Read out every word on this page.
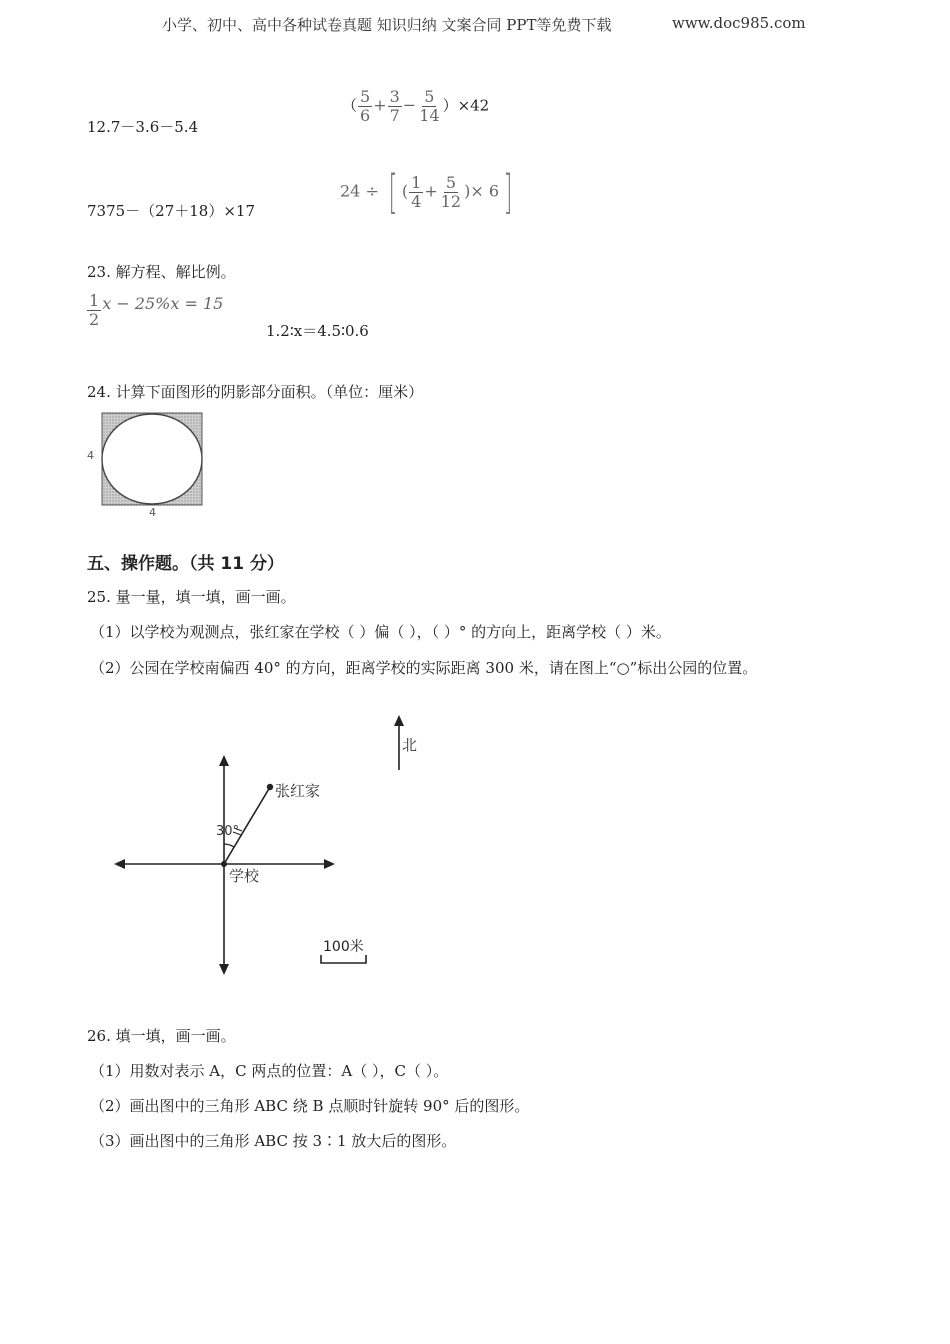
小学、初中、高中各种试卷真题 知识归纳 文案合同 PPT等免费下载	www.doc985.com
12.7－3.6－5.4
（ $\frac{5}{6} + \frac{3}{7} - \frac{5}{14} )\times 42$
7375－（27＋18）×17
24 ÷ [ ( $\frac{1}{4} + \frac{5}{12}$ )× 6]
23. 解方程、解比例。
$\frac{1}{2}$ x − 25%x = 15
1.2∶x＝4.5∶0.6
24. 计算下面图形的阴影部分面积。（单位：厘米）
4
4
五、操作题。（共 11 分）
25. 量一量，填一填，画一画。
（1）以学校为观测点，张红家在学校（ ）偏（ ），（ ）° 的方向上，距离学校（ ）米。
（2）公园在学校南偏西 40° 的方向，距离学校的实际距离 300 米，请在图上“○”标出公园的位置。
北
张红家
30°
学校
100米
26. 填一填，画一画。
（1）用数对表示 A，C 两点的位置：A（ ），C（ ）。
（2）画出图中的三角形 ABC 绕 B 点顺时针旋转 90° 后的图形。
（3）画出图中的三角形 ABC 按 3∶1 放大后的图形。
